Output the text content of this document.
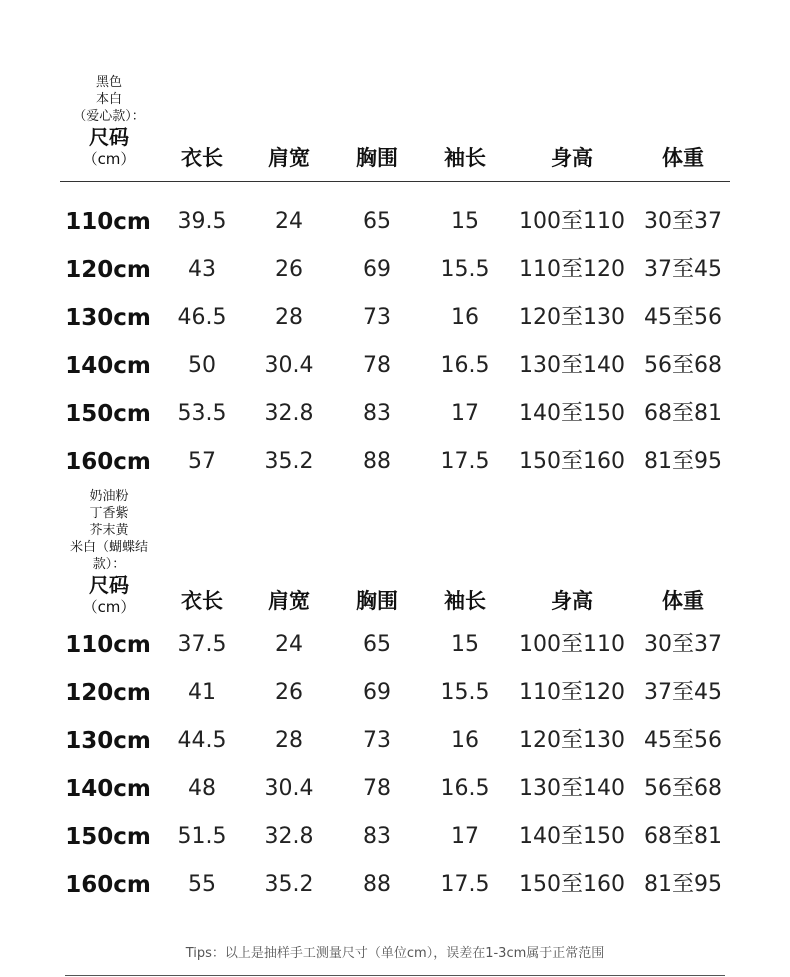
黑色
本白
（爱心款）：
尺码
（cm）	衣长 肩宽 胸围 袖长	身高	体重
110cm 39.5 24	65	15 100至110 30至37
120cm 43	26	69 15.5 110至120 37至45
130cm 46.5 28	73	16 120至130 45至56
140cm 50 30.4 78 16.5 130至140 56至68
150cm 53.5 32.8 83	17 140至150 68至81
160cm 57 35.2 88 17.5 150至160 81至95
奶油粉
丁香紫
芥末黄
米白（蝴蝶结
款）：
尺码
（cm）	衣长 肩宽 胸围 袖长	身高	体重
110cm 37.5 24	65	15 100至110 30至37
120cm 41	26	69 15.5 110至120 37至45
130cm 44.5 28	73	16 120至130 45至56
140cm 48 30.4 78 16.5 130至140 56至68
150cm 51.5 32.8 83	17 140至150 68至81
160cm 55 35.2 88 17.5 150至160 81至95
Tips：以上是抽样手工测量尺寸（单位cm），误差在1-3cm属于正常范围
